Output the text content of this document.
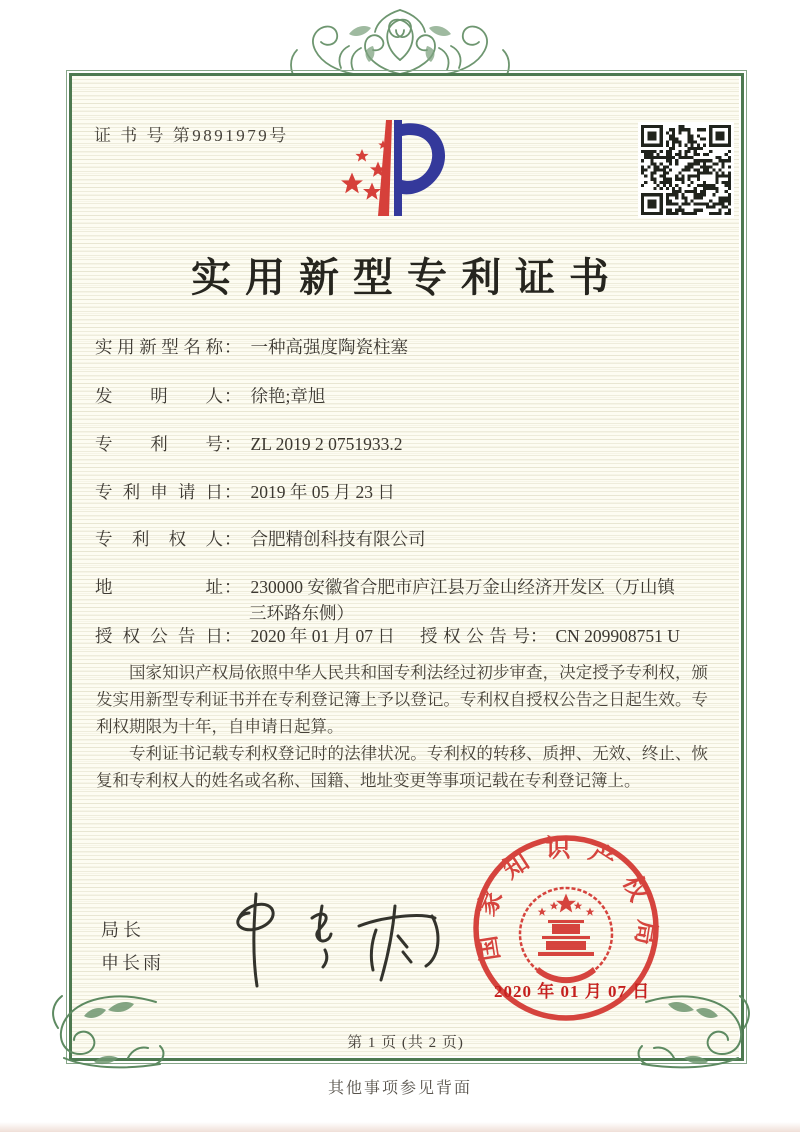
证 书 号 第9891979号
实用新型专利证书
实用新型名称： 一种高强度陶瓷柱塞
发明人： 徐艳;章旭
专利号： ZL 2019 2 0751933.2
专利申请日： 2019 年 05 月 23 日
专利权人： 合肥精创科技有限公司
地址： 230000 安徽省合肥市庐江县万金山经济开发区（万山镇
三环路东侧）
授权公告日： 2020 年 01 月 07 日 授权公告号： CN 209908751 U

国家知识产权局依照中华人民共和国专利法经过初步审查，决定授予专利权，颁发实用新型专利证书并在专利登记簿上予以登记。专利权自授权公告之日起生效。专利权期限为十年，自申请日起算。

专利证书记载专利权登记时的法律状况。专利权的转移、质押、无效、终止、恢复和专利权人的姓名或名称、国籍、地址变更等事项记载在专利登记簿上。

局长
申长雨
国家知识产权局
2020 年 01 月 07 日
第 1 页 (共 2 页)
其他事项参见背面
